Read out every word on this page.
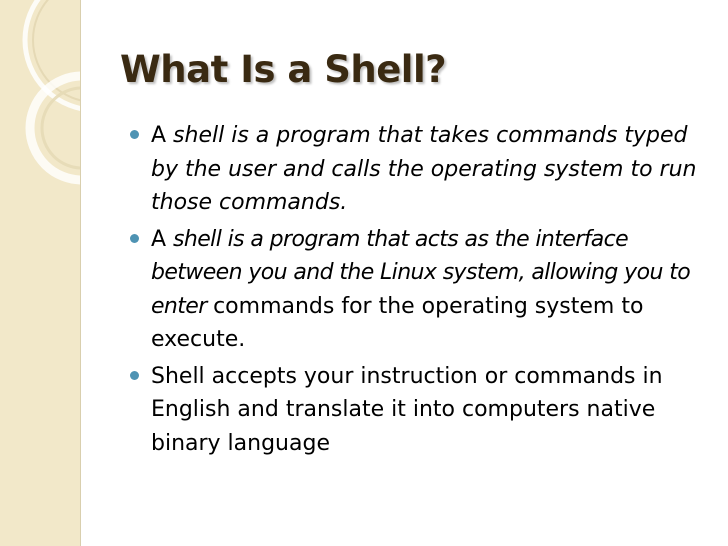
What Is a Shell?
A shell is a program that takes commands typed by the user and calls the operating system to run those commands.
A shell is a program that acts as the interface between you and the Linux system, allowing you to enter commands for the operating system to execute.
Shell accepts your instruction or commands in English and translate it into computers native binary language
